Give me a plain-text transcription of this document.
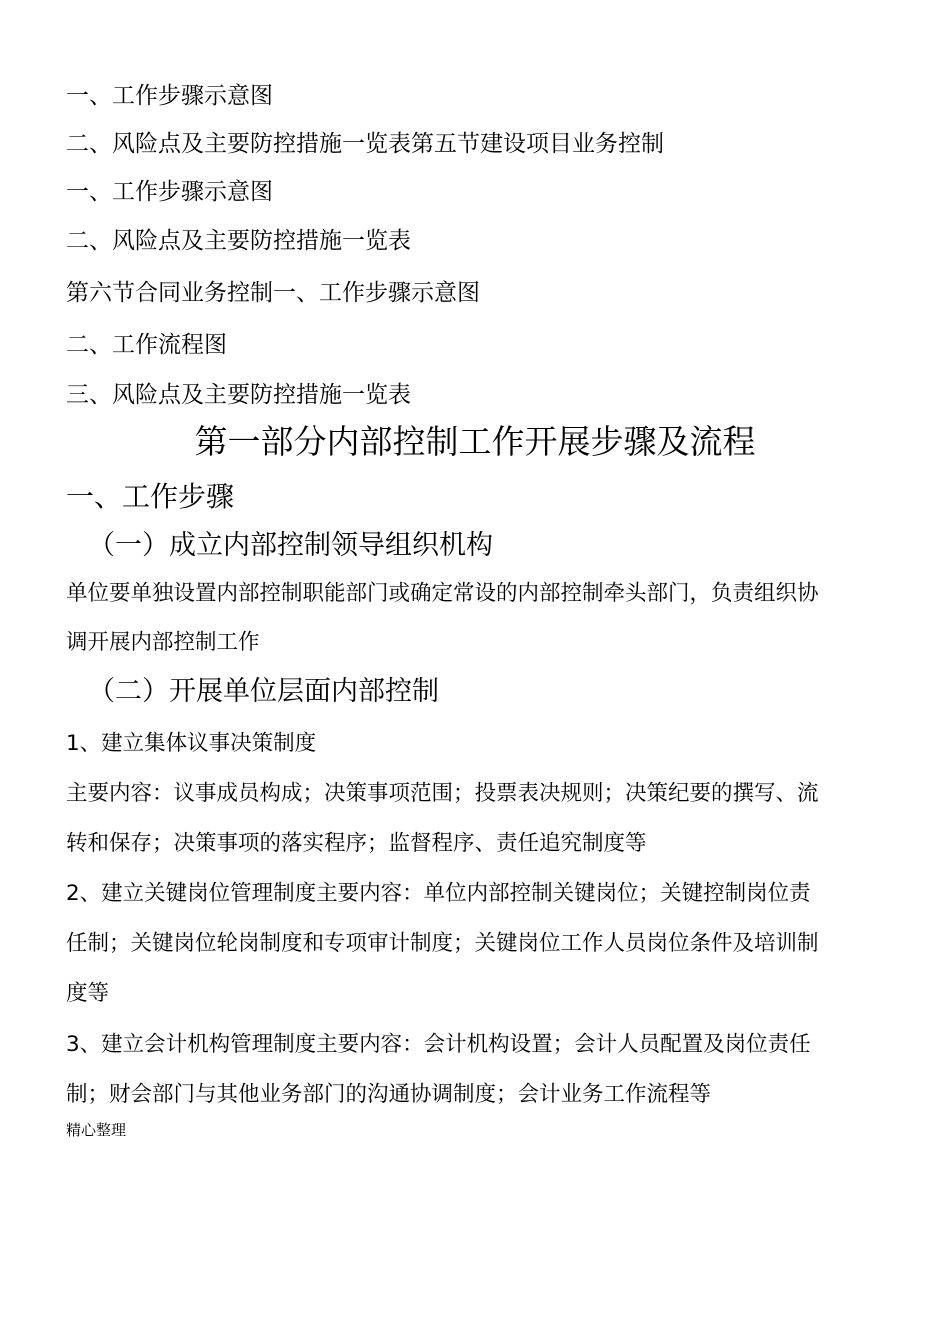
一、工作步骤示意图
二、风险点及主要防控措施一览表第五节建设项目业务控制
一、工作步骤示意图
二、风险点及主要防控措施一览表
第六节合同业务控制一、工作步骤示意图
二、工作流程图
三、风险点及主要防控措施一览表
第一部分内部控制工作开展步骤及流程
一、工作步骤
（一）成立内部控制领导组织机构
单位要单独设置内部控制职能部门或确定常设的内部控制牵头部门，负责组织协
调开展内部控制工作
（二）开展单位层面内部控制
1、建立集体议事决策制度
主要内容：议事成员构成；决策事项范围；投票表决规则；决策纪要的撰写、流
转和保存；决策事项的落实程序；监督程序、责任追究制度等
2、建立关键岗位管理制度主要内容：单位内部控制关键岗位；关键控制岗位责
任制；关键岗位轮岗制度和专项审计制度；关键岗位工作人员岗位条件及培训制
度等
3、建立会计机构管理制度主要内容：会计机构设置；会计人员配置及岗位责任
制；财会部门与其他业务部门的沟通协调制度；会计业务工作流程等
精心整理
